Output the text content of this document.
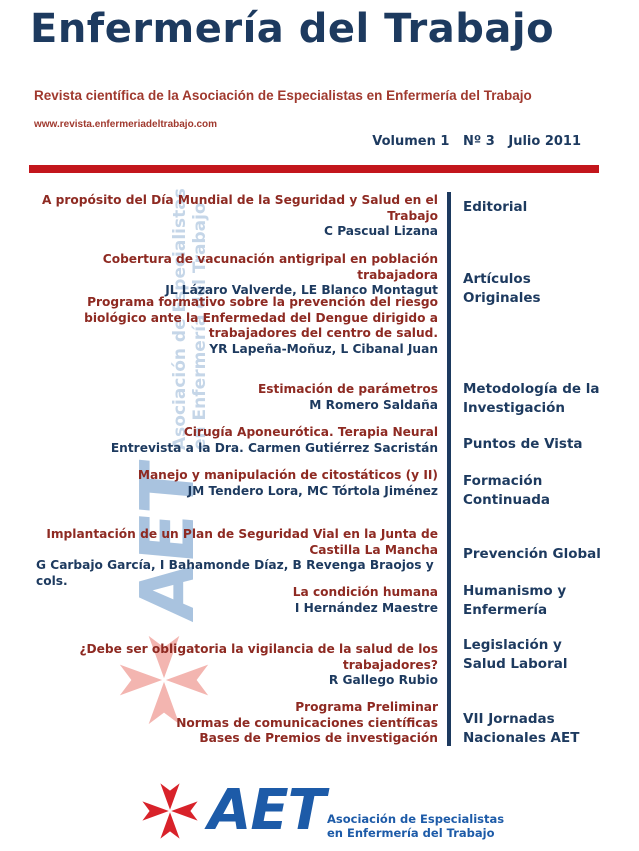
Enfermería del Trabajo
Revista científica de la Asociación de Especialistas en Enfermería del Trabajo
www.revista.enfermeriadeltrabajo.com
Volumen 1   Nº 3   Julio 2011
Asociación de Especialistas
en Enfermería del Trabajo
AET
A propósito del Día Mundial de la Seguridad y Salud en el Trabajo
C Pascual Lizana
Cobertura de vacunación antigripal en población trabajadora
JL Lázaro Valverde, LE Blanco Montagut
Programa formativo sobre la prevención del riesgo biológico ante la Enfermedad del Dengue dirigido a trabajadores del centro de salud.
YR Lapeña-Moñuz, L Cibanal Juan
Estimación de parámetros
M Romero Saldaña
Cirugía Aponeurótica. Terapia Neural
Entrevista a la Dra. Carmen Gutiérrez Sacristán
Manejo y manipulación de citostáticos (y II)
JM Tendero Lora, MC Tórtola Jiménez
Implantación de un Plan de Seguridad Vial en la Junta de Castilla La Mancha
G Carbajo García, I Bahamonde Díaz, B Revenga Braojos y cols.
La condición humana
I Hernández Maestre
¿Debe ser obligatoria la vigilancia de la salud de los trabajadores?
R Gallego Rubio
Programa Preliminar
Normas de comunicaciones científicas
Bases de Premios de investigación
Editorial
Artículos Originales
Metodología de la Investigación
Puntos de Vista
Formación Continuada
Prevención Global
Humanismo y Enfermería
Legislación y Salud Laboral
VII Jornadas Nacionales AET
AET Asociación de Especialistas
en Enfermería del Trabajo
